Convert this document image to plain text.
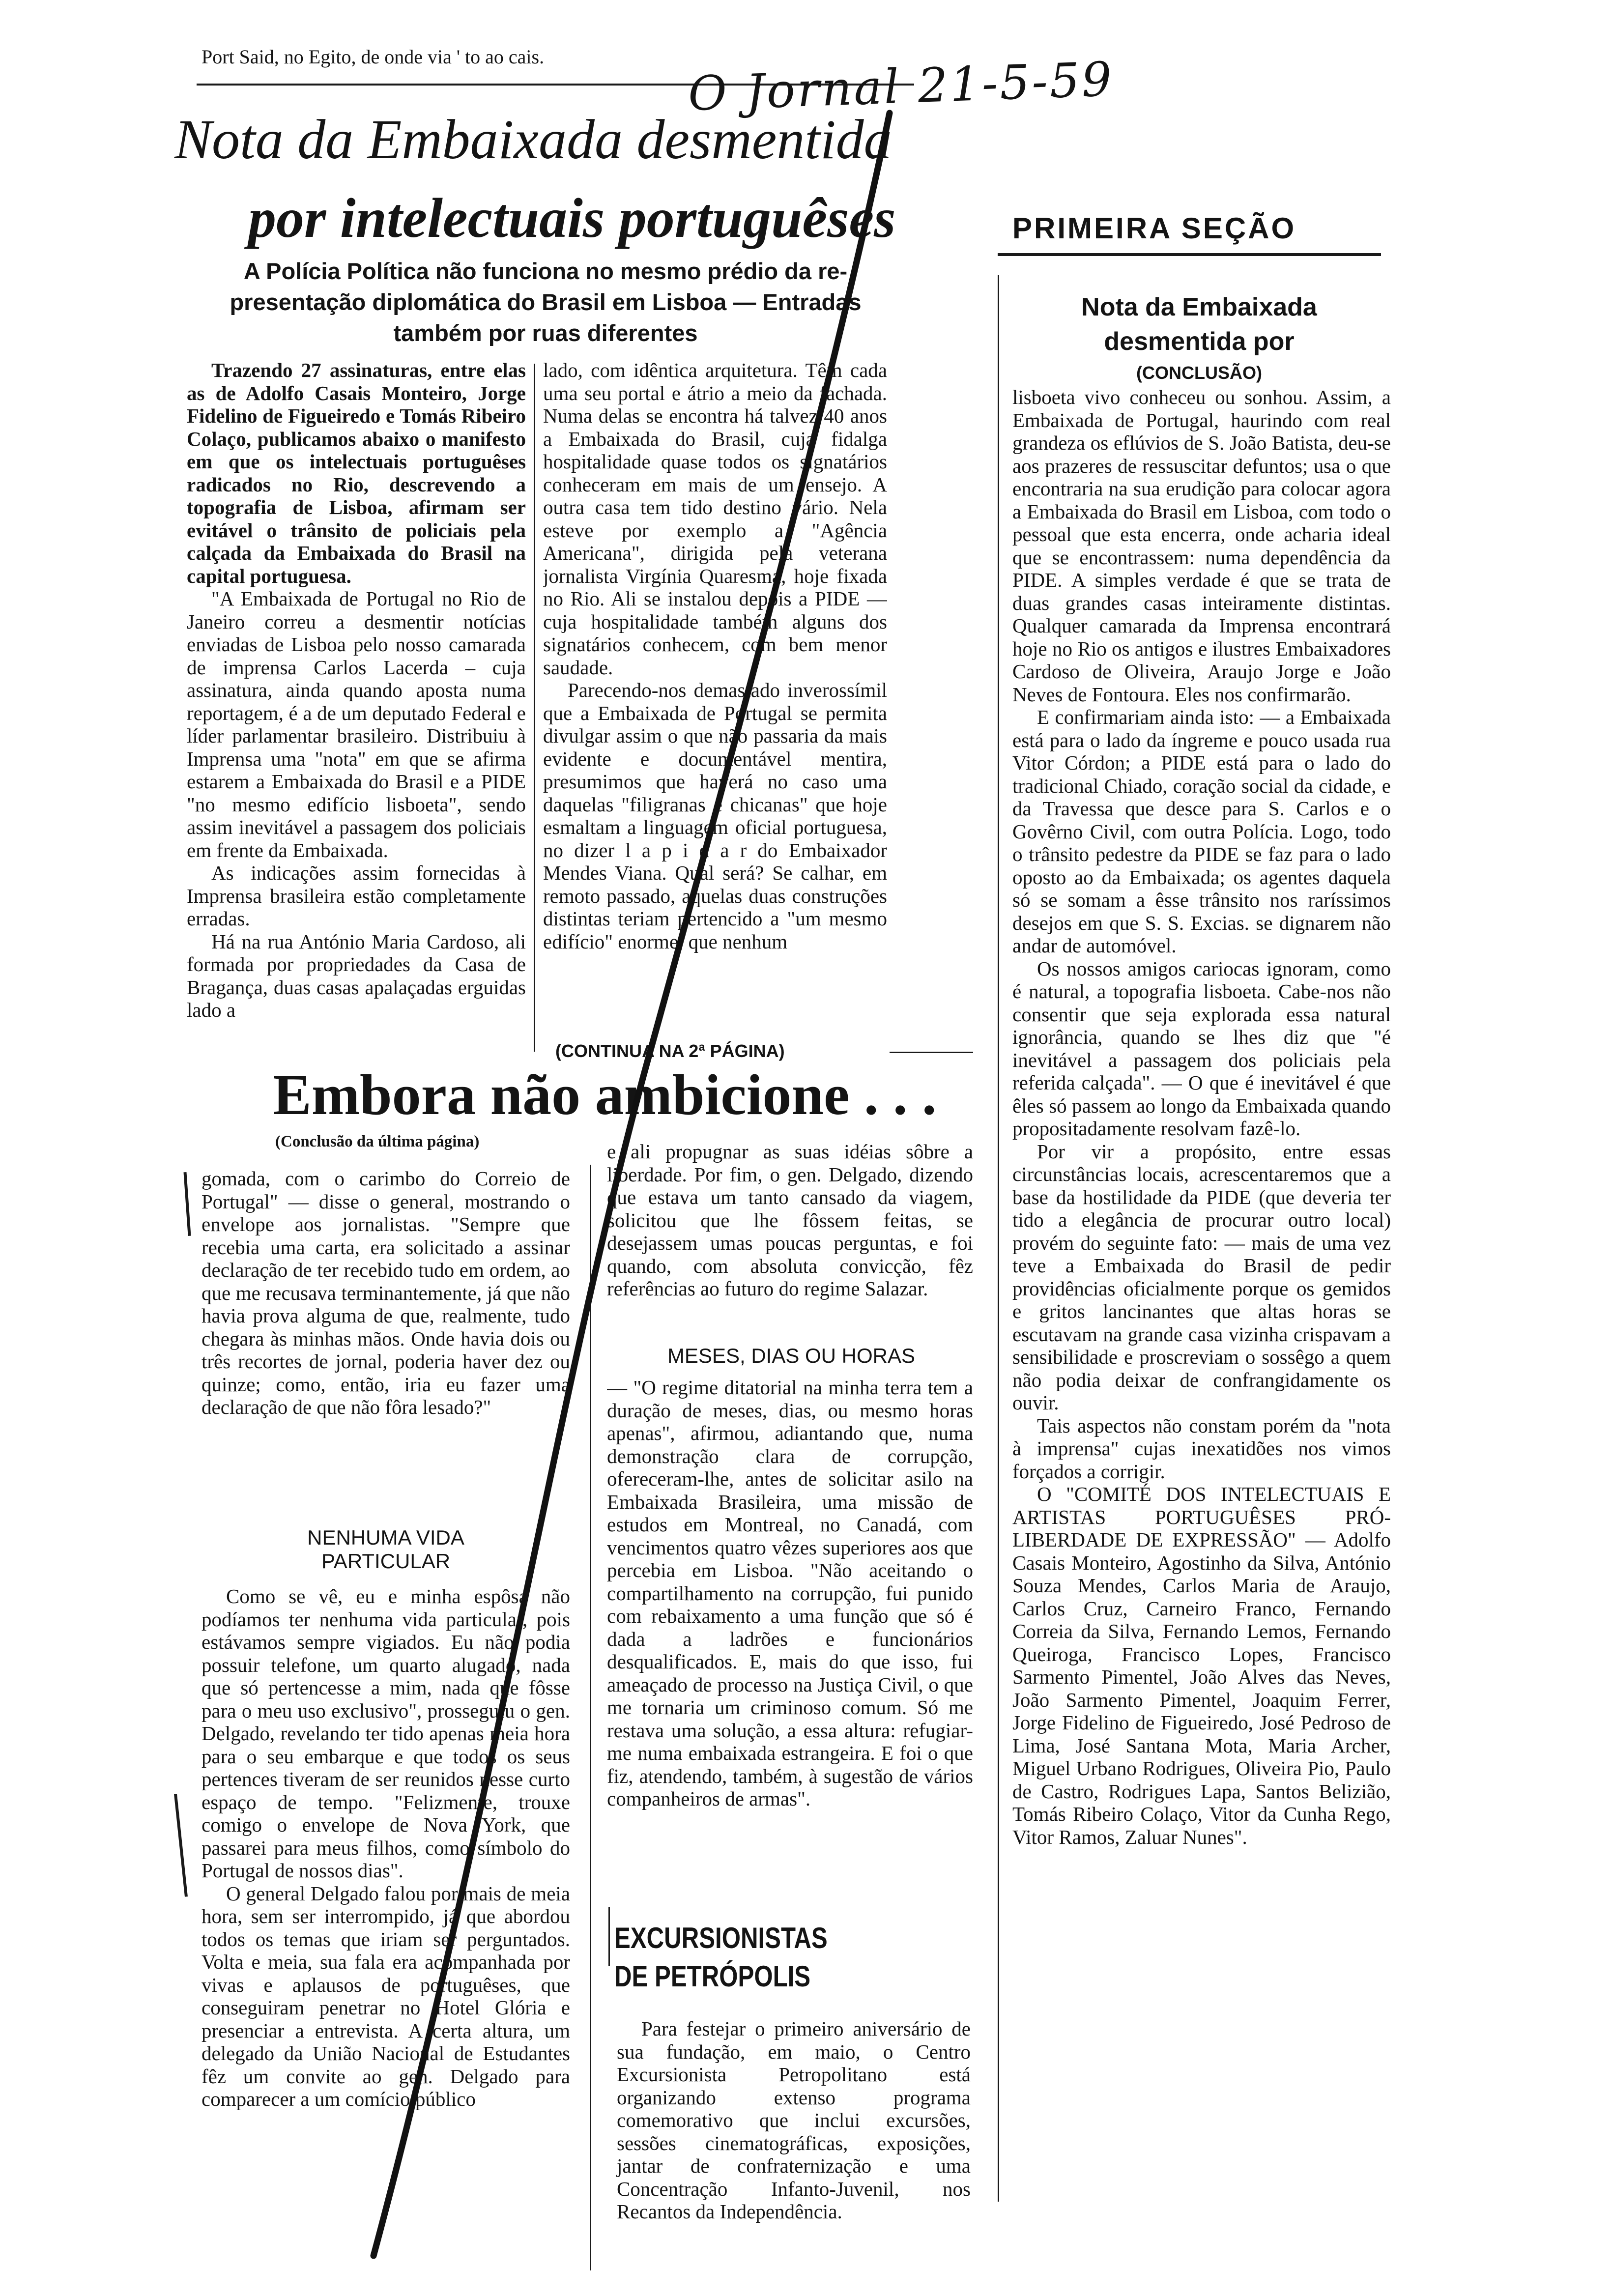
Port Said, no Egito, de onde via ' to ao cais.	O Jornal 21-5-59
Nota da Embaixada desmentida
por intelectuais portuguêses
A Polícia Política não funciona no mesmo prédio da re-
presentação diplomática do Brasil em Lisboa — Entradas
também por ruas diferentes

Trazendo 27 assinaturas, entre elas as de Adolfo Casais Monteiro, Jorge Fidelino de Figueiredo e Tomás Ribeiro Colaço, publicamos abaixo o manifesto em que os intelectuais portuguêses radicados no Rio, descrevendo a topografia de Lisboa, afirmam ser evitável o trânsito de policiais pela calçada da Embaixada do Brasil na capital portuguesa.

"A Embaixada de Portugal no Rio de Janeiro correu a desmentir notícias enviadas de Lisboa pelo nosso camarada de imprensa Carlos Lacerda – cuja assinatura, ainda quando aposta numa reportagem, é a de um deputado Federal e líder parlamentar brasileiro. Distribuiu à Imprensa uma "nota" em que se afirma estarem a Embaixada do Brasil e a PIDE "no mesmo edifício lisboeta", sendo assim inevitável a passagem dos policiais em frente da Embaixada.

As indicações assim fornecidas à Imprensa brasileira estão completamente erradas.

Há na rua António Maria Cardoso, ali formada por propriedades da Casa de Bragança, duas casas apalaçadas erguidas lado a

lado, com idêntica arquitetura. Têm cada uma seu portal e átrio a meio da fachada. Numa delas se encontra há talvez 40 anos a Embaixada do Brasil, cuja fidalga hospitalidade quase todos os signatários conheceram em mais de um ensejo. A outra casa tem tido destino vário. Nela esteve por exemplo a "Agência Americana", dirigida pela veterana jornalista Virgínia Quaresma, hoje fixada no Rio. Ali se instalou depois a PIDE — cuja hospitalidade também alguns dos signatários conhecem, com bem menor saudade.

Parecendo-nos demasiado inverossímil que a Embaixada de Portugal se permita divulgar assim o que não passaria da mais evidente e documentável mentira, presumimos que haverá no caso uma daquelas "filigranas e chicanas" que hoje esmaltam a linguagem oficial portuguesa, no dizer l a p i d a r do Embaixador Mendes Viana. Qual será? Se calhar, em remoto passado, aquelas duas construções distintas teriam pertencido a "um mesmo edifício" enorme, que nenhum

(CONTINUA NA 2ª PÁGINA)
Embora não ambicione . . .
(Conclusão da última página)

gomada, com o carimbo do Correio de Portugal" — disse o general, mostrando o envelope aos jornalistas. "Sempre que recebia uma carta, era solicitado a assinar declaração de ter recebido tudo em ordem, ao que me recusava terminantemente, já que não havia prova alguma de que, realmente, tudo chegara às minhas mãos. Onde havia dois ou três recortes de jornal, poderia haver dez ou quinze; como, então, iria eu fazer uma declaração de que não fôra lesado?"

NENHUMA VIDA
PARTICULAR

Como se vê, eu e minha espôsa não podíamos ter nenhuma vida particular, pois estávamos sempre vigiados. Eu não podia possuir telefone, um quarto alugado, nada que só pertencesse a mim, nada que fôsse para o meu uso exclusivo", prosseguiu o gen. Delgado, revelando ter tido apenas meia hora para o seu embarque e que todos os seus pertences tiveram de ser reunidos nesse curto espaço de tempo. "Felizmente, trouxe comigo o envelope de Nova York, que passarei para meus filhos, como símbolo do Portugal de nossos dias".

O general Delgado falou por mais de meia hora, sem ser interrompido, já que abordou todos os temas que iriam ser perguntados. Volta e meia, sua fala era acompanhada por vivas e aplausos de portuguêses, que conseguiram penetrar no Hotel Glória e presenciar a entrevista. A certa altura, um delegado da União Nacional de Estudantes fêz um convite ao gen. Delgado para comparecer a um comício público

e ali propugnar as suas idéias sôbre a liberdade. Por fim, o gen. Delgado, dizendo que estava um tanto cansado da viagem, solicitou que lhe fôssem feitas, se desejassem umas poucas perguntas, e foi quando, com absoluta convicção, fêz referências ao futuro do regime Salazar.

MESES, DIAS OU HORAS

— "O regime ditatorial na minha terra tem a duração de meses, dias, ou mesmo horas apenas", afirmou, adiantando que, numa demonstração clara de corrupção, ofereceram-lhe, antes de solicitar asilo na Embaixada Brasileira, uma missão de estudos em Montreal, no Canadá, com vencimentos quatro vêzes superiores aos que percebia em Lisboa. "Não aceitando o compartilhamento na corrupção, fui punido com rebaixamento a uma função que só é dada a ladrões e funcionários desqualificados. E, mais do que isso, fui ameaçado de processo na Justiça Civil, o que me tornaria um criminoso comum. Só me restava uma solução, a essa altura: refugiar-me numa embaixada estrangeira. E foi o que fiz, atendendo, também, à sugestão de vários companheiros de armas".

EXCURSIONISTAS
DE PETRÓPOLIS

Para festejar o primeiro aniversário de sua fundação, em maio, o Centro Excursionista Petropolitano está organizando extenso programa comemorativo que inclui excursões, sessões cinematográficas, exposições, jantar de confraternização e uma Concentração Infanto-Juvenil, nos Recantos da Independência.

PRIMEIRA SEÇÃO
Nota da Embaixada
desmentida por
(CONCLUSÃO)

lisboeta vivo conheceu ou sonhou. Assim, a Embaixada de Portugal, haurindo com real grandeza os eflúvios de S. João Batista, deu-se aos prazeres de ressuscitar defuntos; usa o que encontraria na sua erudição para colocar agora a Embaixada do Brasil em Lisboa, com todo o pessoal que esta encerra, onde acharia ideal que se encontrassem: numa dependência da PIDE. A simples verdade é que se trata de duas grandes casas inteiramente distintas. Qualquer camarada da Imprensa encontrará hoje no Rio os antigos e ilustres Embaixadores Cardoso de Oliveira, Araujo Jorge e João Neves de Fontoura. Eles nos confirmarão.

E confirmariam ainda isto: — a Embaixada está para o lado da íngreme e pouco usada rua Vitor Córdon; a PIDE está para o lado do tradicional Chiado, coração social da cidade, e da Travessa que desce para S. Carlos e o Govêrno Civil, com outra Polícia. Logo, todo o trânsito pedestre da PIDE se faz para o lado oposto ao da Embaixada; os agentes daquela só se somam a êsse trânsito nos raríssimos desejos em que S. S. Excias. se dignarem não andar de automóvel.

Os nossos amigos cariocas ignoram, como é natural, a topografia lisboeta. Cabe-nos não consentir que seja explorada essa natural ignorância, quando se lhes diz que "é inevitável a passagem dos policiais pela referida calçada". — O que é inevitável é que êles só passem ao longo da Embaixada quando propositadamente resolvam fazê-lo.

Por vir a propósito, entre essas circunstâncias locais, acrescentaremos que a base da hostilidade da PIDE (que deveria ter tido a elegância de procurar outro local) provém do seguinte fato: — mais de uma vez teve a Embaixada do Brasil de pedir providências oficialmente porque os gemidos e gritos lancinantes que altas horas se escutavam na grande casa vizinha crispavam a sensibilidade e proscreviam o sossêgo a quem não podia deixar de confrangidamente os ouvir.

Tais aspectos não constam porém da "nota à imprensa" cujas inexatidões nos vimos forçados a corrigir.

O "COMITÉ DOS INTELECTUAIS E ARTISTAS PORTUGUÊSES PRÓ-LIBERDADE DE EXPRESSÃO" — Adolfo Casais Monteiro, Agostinho da Silva, António Souza Mendes, Carlos Maria de Araujo, Carlos Cruz, Carneiro Franco, Fernando Correia da Silva, Fernando Lemos, Fernando Queiroga, Francisco Lopes, Francisco Sarmento Pimentel, João Alves das Neves, João Sarmento Pimentel, Joaquim Ferrer, Jorge Fidelino de Figueiredo, José Pedroso de Lima, José Santana Mota, Maria Archer, Miguel Urbano Rodrigues, Oliveira Pio, Paulo de Castro, Rodrigues Lapa, Santos Belizião, Tomás Ribeiro Colaço, Vitor da Cunha Rego, Vitor Ramos, Zaluar Nunes".
